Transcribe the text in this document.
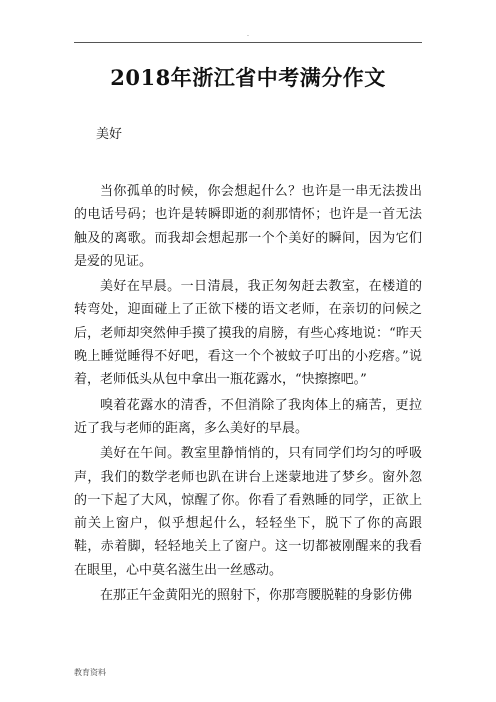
.
2018年浙江省中考满分作文
美好

当你孤单的时候，你会想起什么？也许是一串无法拨出的电话号码；也许是转瞬即逝的刹那情怀；也许是一首无法触及的离歌。而我却会想起那一个个美好的瞬间，因为它们是爱的见证。

美好在早晨。一日清晨，我正匆匆赶去教室，在楼道的转弯处，迎面碰上了正欲下楼的语文老师，在亲切的问候之后，老师却突然伸手摸了摸我的肩膀，有些心疼地说：“昨天晚上睡觉睡得不好吧，看这一个个被蚊子叮出的小疙瘩。”说着，老师低头从包中拿出一瓶花露水，“快擦擦吧。”

嗅着花露水的清香，不但消除了我肉体上的痛苦，更拉近了我与老师的距离，多么美好的早晨。

美好在午间。教室里静悄悄的，只有同学们均匀的呼吸声，我们的数学老师也趴在讲台上迷蒙地进了梦乡。窗外忽的一下起了大风，惊醒了你。你看了看熟睡的同学，正欲上前关上窗户，似乎想起什么，轻轻坐下，脱下了你的高跟鞋，赤着脚，轻轻地关上了窗户。这一切都被刚醒来的我看在眼里，心中莫名滋生出一丝感动。

在那正午金黄阳光的照射下，你那弯腰脱鞋的身影仿佛

教育资料
